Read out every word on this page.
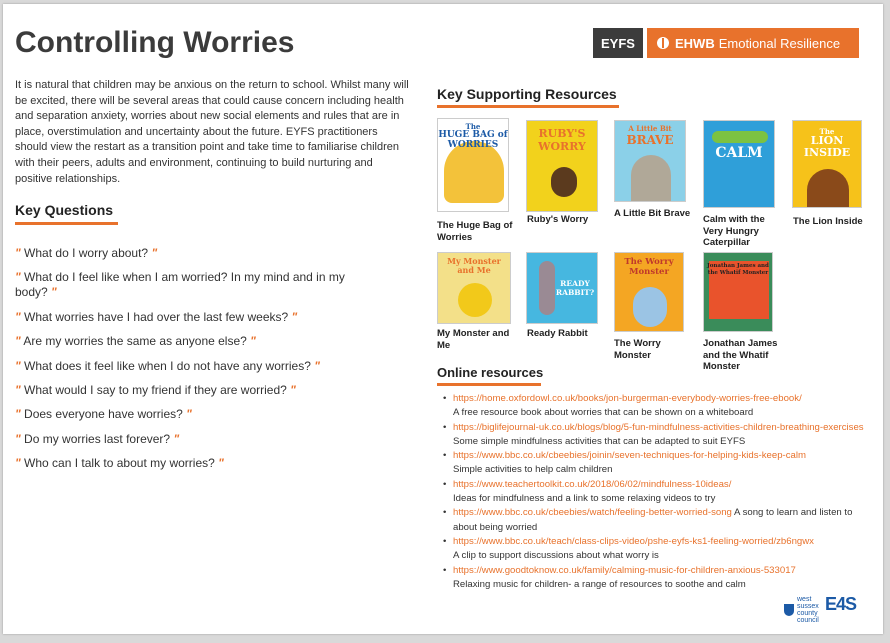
Controlling Worries	EYFS	EHWB Emotional Resilience

It is natural that children may be anxious on the return to school. Whilst many will be excited, there will be several areas that could cause concern including health and separation anxiety, worries about new social elements and rules that are in place, overstimulation and uncertainty about the future. EYFS practitioners should view the restart as a transition point and take time to familiarise children with their peers, adults and environment, continuing to build nurturing and positive relationships.

Key Questions
" What do I worry about? "
" What do I feel like when I am worried? In my mind and in my body? "
" What worries have I had over the last few weeks? "
" Are my worries the same as anyone else? "
" What does it feel like when I do not have any worries? "
" What would I say to my friend if they are worried? "
" Does everyone have worries? "
" Do my worries last forever? "
" Who can I talk to about my worries? "
Key Supporting Resources
The
HUGE BAG of WORRIES
The Huge Bag of Worries
RUBY'S WORRY
Ruby's Worry
A Little Bit
BRAVE
A Little Bit Brave
CALM
Calm with the Very Hungry Caterpillar
The
LION INSIDE
The Lion Inside
My Monster and Me
My Monster and Me
READY RABBIT?
Ready Rabbit
The Worry Monster
The Worry Monster
Jonathan James and the Whatif Monster
Jonathan James and the Whatif Monster
Online resources
• https://home.oxfordowl.co.uk/books/jon-burgerman-everybody-worries-free-ebook/
A free resource book about worries that can be shown on a whiteboard
• https://biglifejournal-uk.co.uk/blogs/blog/5-fun-mindfulness-activities-children-breathing-exercises Some simple mindfulness activities that can be adapted to suit EYFS
• https://www.bbc.co.uk/cbeebies/joinin/seven-techniques-for-helping-kids-keep-calm
Simple activities to help calm children
• https://www.teachertoolkit.co.uk/2018/06/02/mindfulness-10ideas/
Ideas for mindfulness and a link to some relaxing videos to try
• https://www.bbc.co.uk/cbeebies/watch/feeling-better-worried-song A song to learn and listen to about being worried
• https://www.bbc.co.uk/teach/class-clips-video/pshe-eyfs-ks1-feeling-worried/zb6ngwx
A clip to support discussions about what worry is
• https://www.goodtoknow.co.uk/family/calming-music-for-children-anxious-533017
Relaxing music for children- a range of resources to soothe and calm
west sussex county council
E4S
